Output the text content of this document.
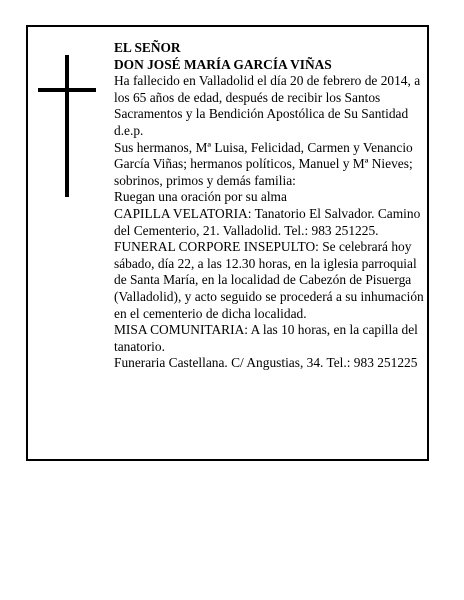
EL SEÑOR

DON JOSÉ MARÍA GARCÍA VIÑAS

Ha fallecido en Valladolid el día 20 de febrero de 2014, a los 65 años de edad, después de recibir los Santos Sacramentos y la Bendición Apostólica de Su Santidad d.e.p.

Sus hermanos, Mª Luisa, Felicidad, Carmen y Venancio García Viñas; hermanos políticos, Manuel y Mª Nieves; sobrinos, primos y demás familia:

Ruegan una oración por su alma

CAPILLA VELATORIA: Tanatorio El Salvador. Camino del Cementerio, 21. Valladolid. Tel.: 983 251225.

FUNERAL CORPORE INSEPULTO: Se celebrará hoy sábado, día 22, a las 12.30 horas, en la iglesia parroquial de Santa María, en la localidad de Cabezón de Pisuerga (Valladolid), y acto seguido se procederá a su inhumación en el cementerio de dicha localidad.

MISA COMUNITARIA: A las 10 horas, en la capilla del tanatorio.

Funeraria Castellana. C/ Angustias, 34. Tel.: 983 251225
